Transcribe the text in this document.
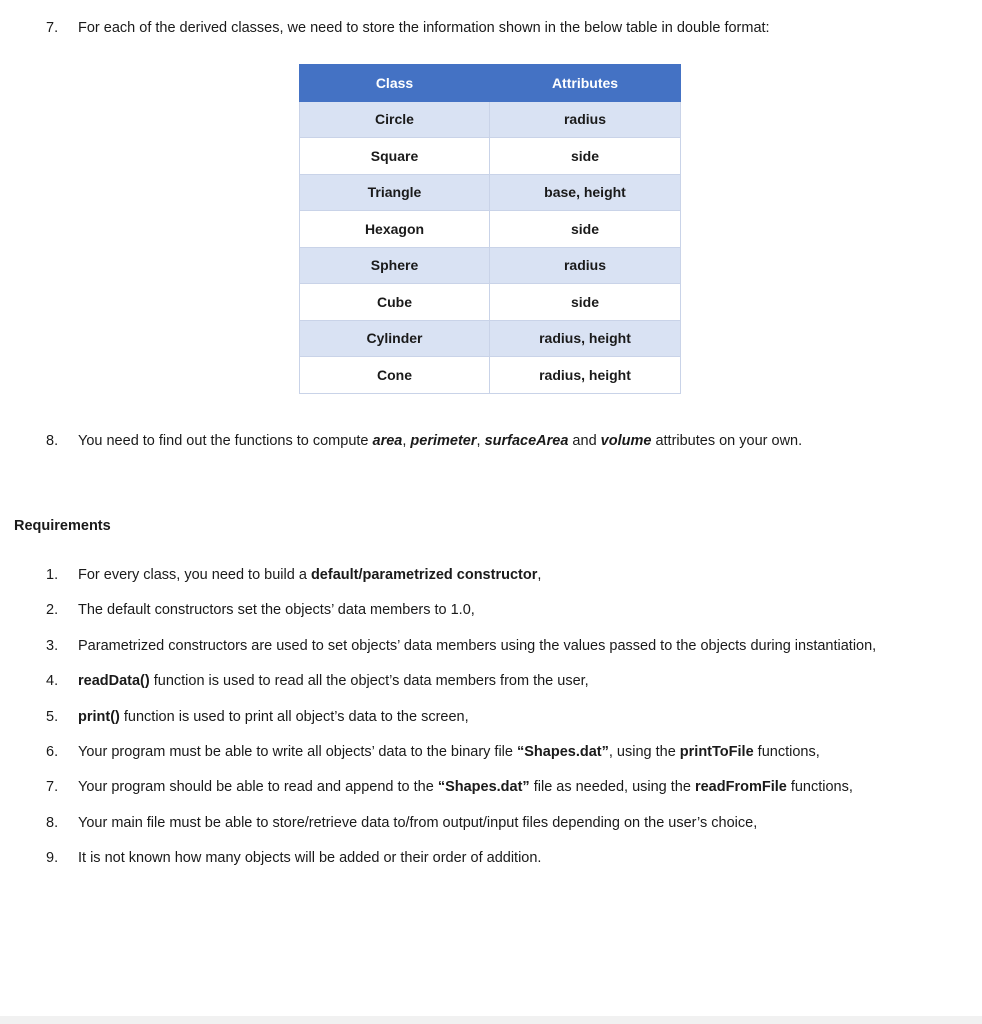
7.	For each of the derived classes, we need to store the information shown in the below table in double format:
Class	Attributes
Circle	radius
Square	side
Triangle	base, height
Hexagon	side
Sphere	radius
Cube	side
Cylinder	radius, height
Cone	radius, height
8.	You need to find out the functions to compute area, perimeter, surfaceArea and volume attributes on your own.
Requirements
1. For every class, you need to build a default/parametrized constructor,
2. The default constructors set the objects’ data members to 1.0,
3. Parametrized constructors are used to set objects’ data members using the values passed to the objects during instantiation,
4. readData() function is used to read all the object’s data members from the user,
5. print() function is used to print all object’s data to the screen,
6. Your program must be able to write all objects’ data to the binary file “Shapes.dat”, using the printToFile functions,
7. Your program should be able to read and append to the “Shapes.dat” file as needed, using the readFromFile functions,
8. Your main file must be able to store/retrieve data to/from output/input files depending on the user’s choice,
9. It is not known how many objects will be added or their order of addition.
